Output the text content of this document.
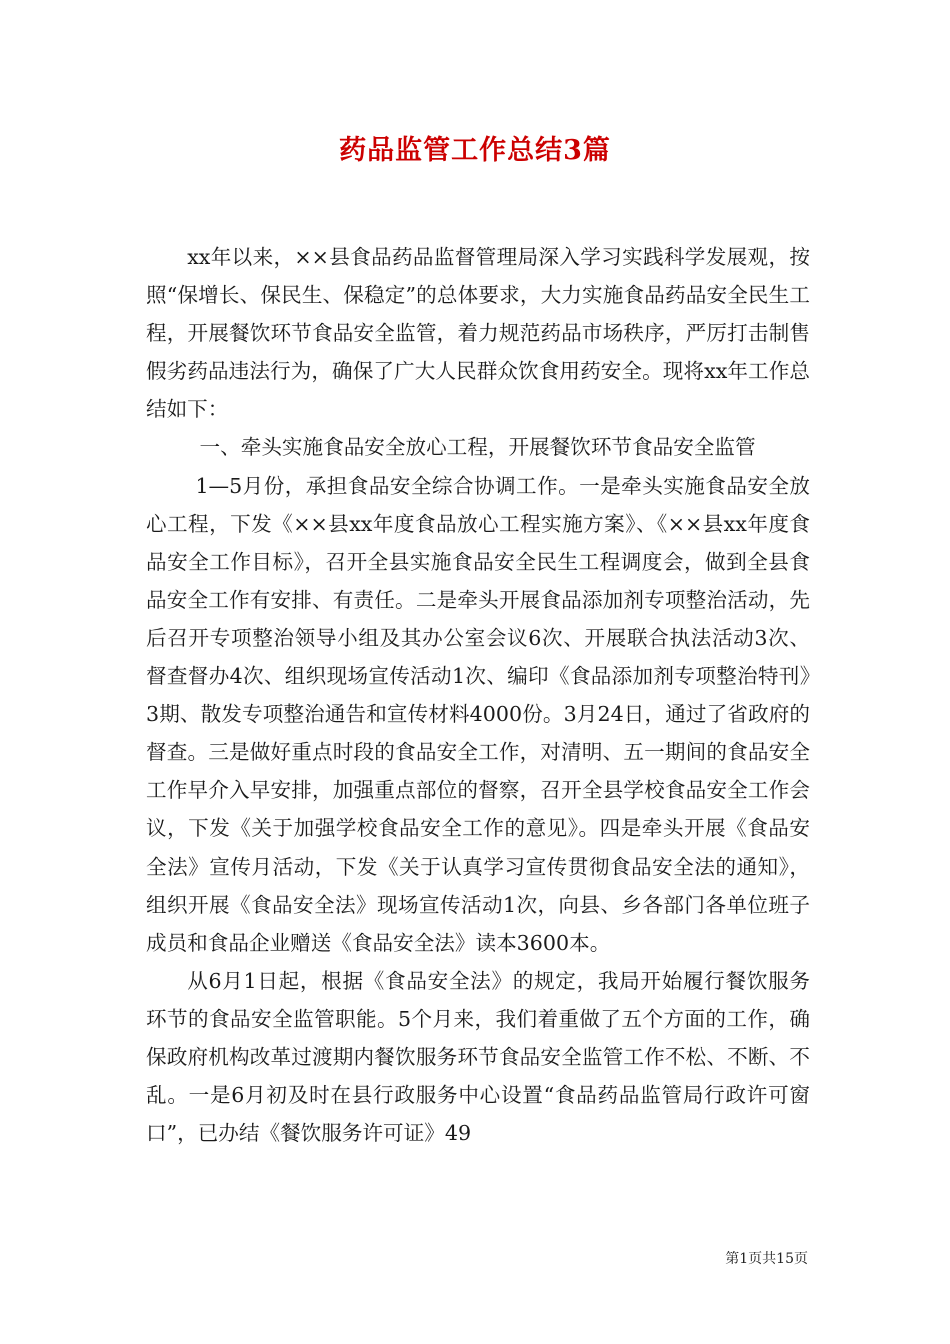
药品监管工作总结3篇

xx年以来，××县食品药品监督管理局深入学习实践科学发展观，按照“保增长、保民生、保稳定”的总体要求，大力实施食品药品安全民生工程，开展餐饮环节食品安全监管，着力规范药品市场秩序，严厉打击制售假劣药品违法行为，确保了广大人民群众饮食用药安全。现将xx年工作总结如下：

一、牵头实施食品安全放心工程，开展餐饮环节食品安全监管

1—5月份，承担食品安全综合协调工作。一是牵头实施食品安全放心工程，下发《××县xx年度食品放心工程实施方案》、《××县xx年度食品安全工作目标》，召开全县实施食品安全民生工程调度会，做到全县食品安全工作有安排、有责任。二是牵头开展食品添加剂专项整治活动，先后召开专项整治领导小组及其办公室会议6次、开展联合执法活动3次、督查督办4次、组织现场宣传活动1次、编印《食品添加剂专项整治特刊》3期、散发专项整治通告和宣传材料4000份。3月24日，通过了省政府的督查。三是做好重点时段的食品安全工作，对清明、五一期间的食品安全工作早介入早安排，加强重点部位的督察，召开全县学校食品安全工作会议，下发《关于加强学校食品安全工作的意见》。四是牵头开展《食品安全法》宣传月活动，下发《关于认真学习宣传贯彻食品安全法的通知》，组织开展《食品安全法》现场宣传活动1次，向县、乡各部门各单位班子成员和食品企业赠送《食品安全法》读本3600本。

从6月1日起，根据《食品安全法》的规定，我局开始履行餐饮服务环节的食品安全监管职能。5个月来，我们着重做了五个方面的工作，确保政府机构改革过渡期内餐饮服务环节食品安全监管工作不松、不断、不乱。一是6月初及时在县行政服务中心设置“食品药品监管局行政许可窗口”，已办结《餐饮服务许可证》49

第1页共15页
